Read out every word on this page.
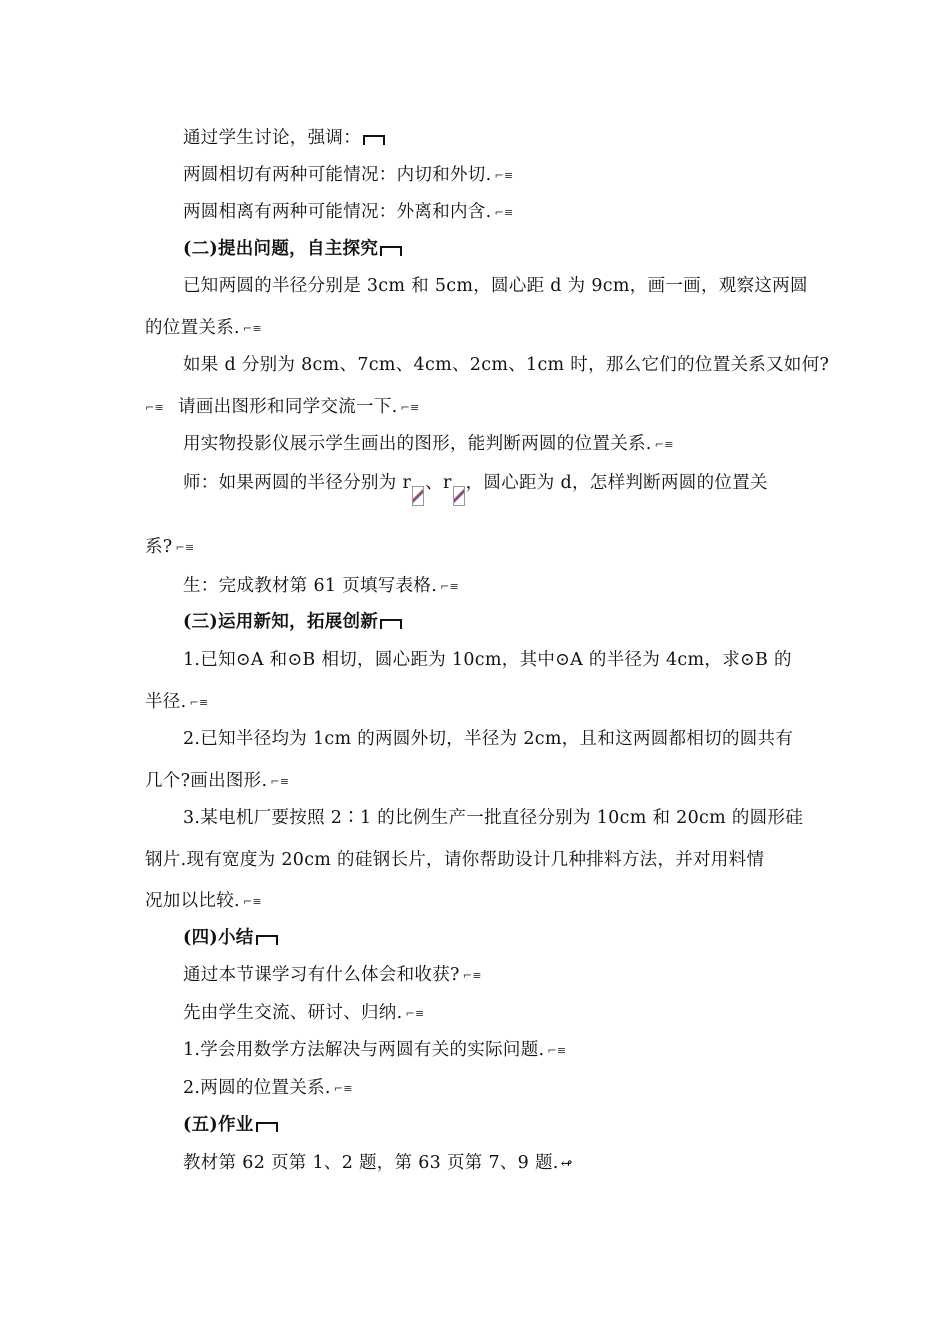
通过学生讨论，强调：
两圆相切有两种可能情况：内切和外切. ⌐≡
两圆相离有两种可能情况：外离和内含. ⌐≡
(二)提出问题，自主探究
已知两圆的半径分别是 3cm 和 5cm，圆心距 d 为 9cm，画一画，观察这两圆
的位置关系. ⌐≡
如果 d 分别为 8cm、7cm、4cm、2cm、1cm 时，那么它们的位置关系又如何?
⌐≡ 请画出图形和同学交流一下. ⌐≡
用实物投影仪展示学生画出的图形，能判断两圆的位置关系. ⌐≡
师：如果两圆的半径分别为 r 、r ，圆心距为 d，怎样判断两圆的位置关
系? ⌐≡
生：完成教材第 61 页填写表格. ⌐≡
(三)运用新知，拓展创新
1.已知⊙A 和⊙B 相切，圆心距为 10cm，其中⊙A 的半径为 4cm，求⊙B 的
半径. ⌐≡
2.已知半径均为 1cm 的两圆外切，半径为 2cm，且和这两圆都相切的圆共有
几个?画出图形. ⌐≡
3.某电机厂要按照 2∶1 的比例生产一批直径分别为 10cm 和 20cm 的圆形硅
钢片.现有宽度为 20cm 的硅钢长片，请你帮助设计几种排料方法，并对用料情
况加以比较. ⌐≡
(四)小结
通过本节课学习有什么体会和收获? ⌐≡
先由学生交流、研讨、归纳. ⌐≡
1.学会用数学方法解决与两圆有关的实际问题. ⌐≡
2.两圆的位置关系. ⌐≡
(五)作业
教材第 62 页第 1、2 题，第 63 页第 7、9 题. ↫
